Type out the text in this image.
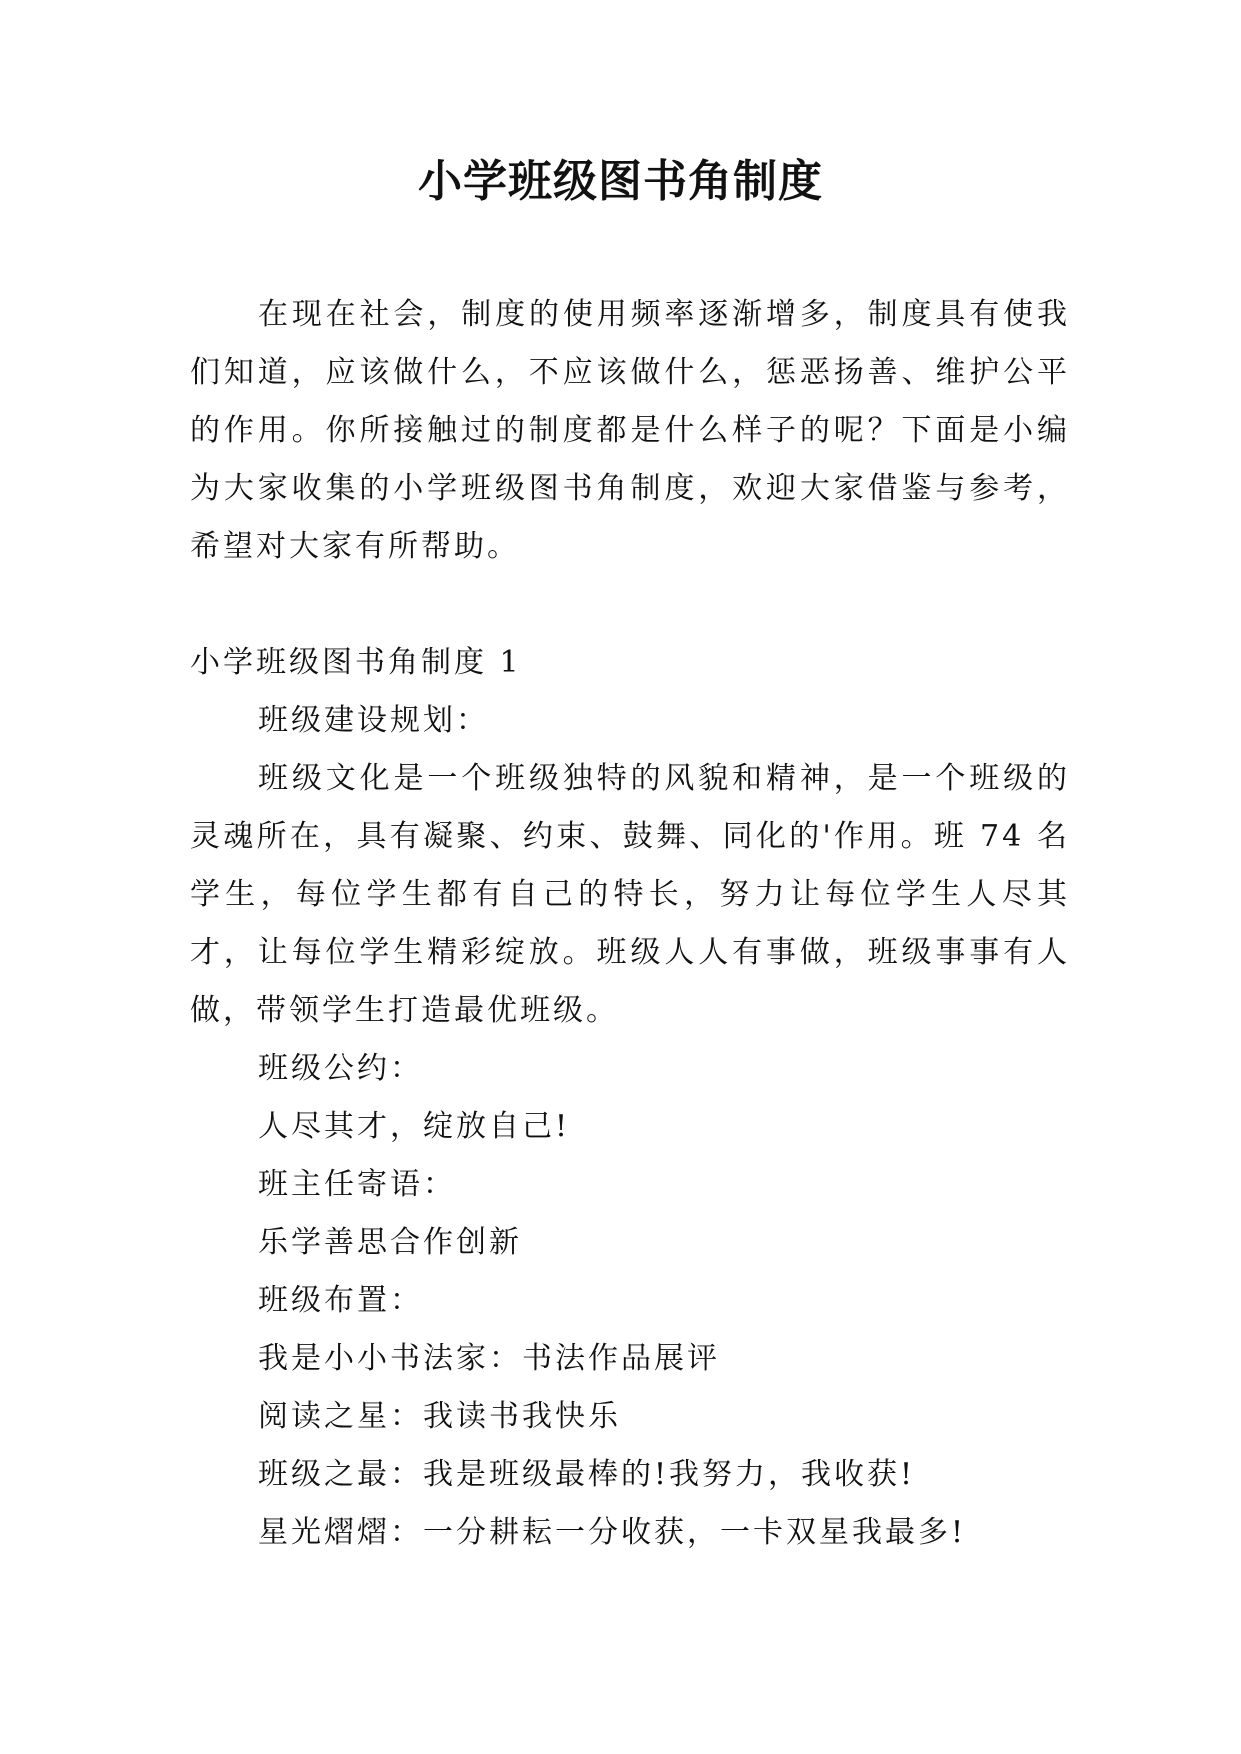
小学班级图书角制度

在现在社会，制度的使用频率逐渐增多，制度具有使我们知道，应该做什么，不应该做什么，惩恶扬善、维护公平的作用。你所接触过的制度都是什么样子的呢？下面是小编为大家收集的小学班级图书角制度，欢迎大家借鉴与参考，希望对大家有所帮助。

小学班级图书角制度 1

班级建设规划：

班级文化是一个班级独特的风貌和精神，是一个班级的灵魂所在，具有凝聚、约束、鼓舞、同化的'作用。班 74 名学生，每位学生都有自己的特长，努力让每位学生人尽其才，让每位学生精彩绽放。班级人人有事做，班级事事有人做，带领学生打造最优班级。

班级公约：

人尽其才，绽放自己!

班主任寄语：

乐学善思合作创新

班级布置：

我是小小书法家：书法作品展评

阅读之星：我读书我快乐

班级之最：我是班级最棒的!我努力，我收获!

星光熠熠：一分耕耘一分收获，一卡双星我最多!
